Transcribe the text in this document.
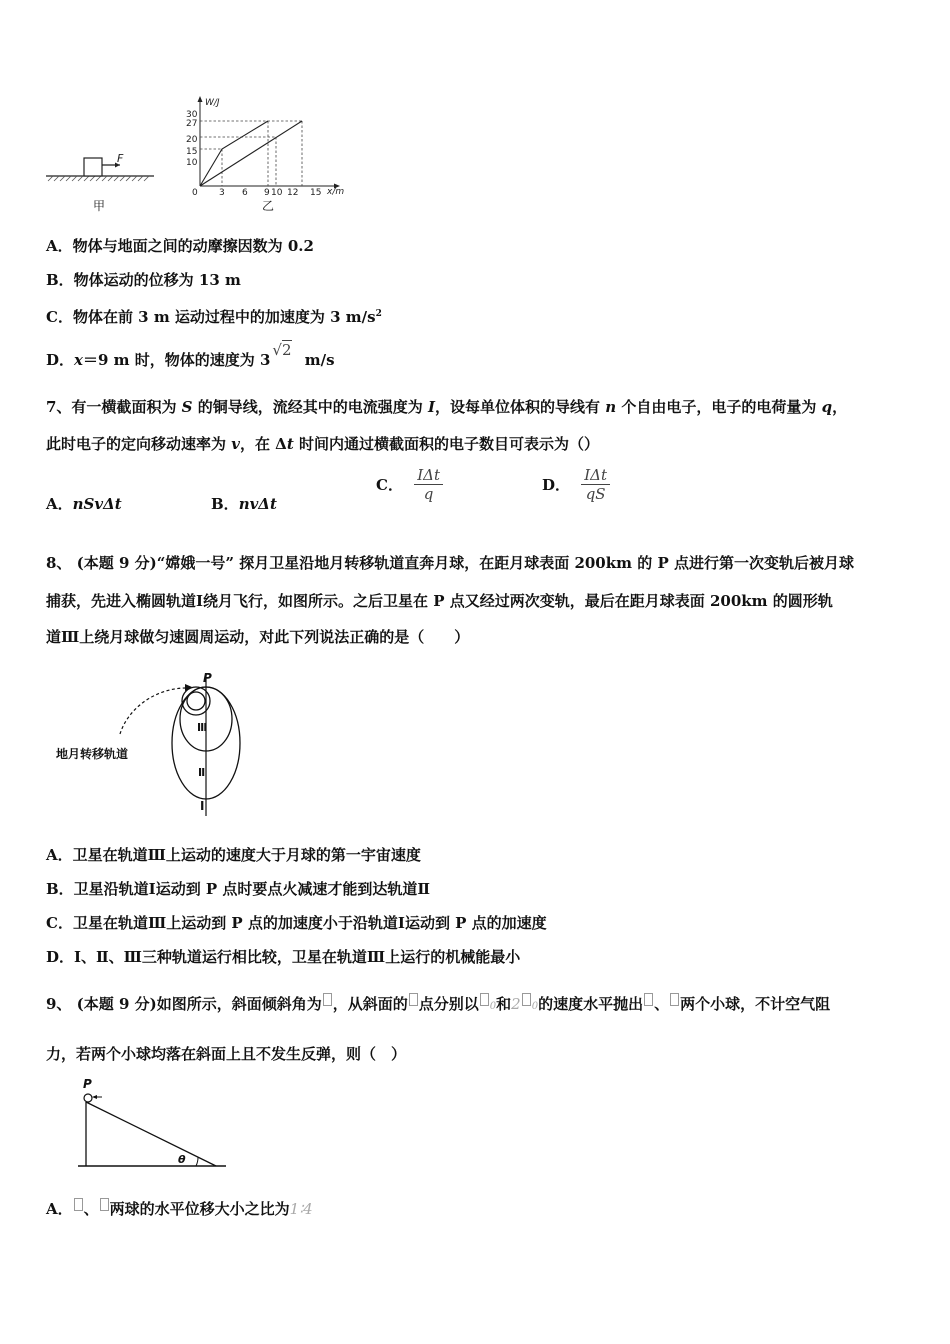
F
甲
W/J
x/m
0
30
27
20
15
10
3 6 9 10 12 15
乙
A．物体与地面之间的动摩擦因数为 0.2
B．物体运动的位移为 13 m
C．物体在前 3 m 运动过程中的加速度为 3 $m/s^2$
D．x＝9 m 时，物体的速度为 3√2 m/s
7、有一横截面积为 S 的铜导线，流经其中的电流强度为 I，设每单位体积的导线有 n 个自由电子，电子的电荷量为 q，
此时电子的定向移动速率为 v，在 Δt 时间内通过横截面积的电子数目可表示为（）
A．nSvΔt	B．nvΔt
C． $\frac{\text{IΔt}}{q}$	D． $\frac{\text{IΔt}}{qS}$
8、 (本题 9 分)“嫦娥一号” 探月卫星沿地月转移轨道直奔月球，在距月球表面 200km 的 P 点进行第一次变轨后被月球
捕获，先进入椭圆轨道Ⅰ绕月飞行，如图所示。之后卫星在 P 点又经过两次变轨，最后在距月球表面 200km 的圆形轨
道Ⅲ上绕月球做匀速圆周运动，对此下列说法正确的是（　　）
P
Ⅲ
Ⅱ
Ⅰ
地月转移轨道
A．卫星在轨道Ⅲ上运动的速度大于月球的第一宇宙速度
B．卫星沿轨道Ⅰ运动到 P 点时要点火减速才能到达轨道Ⅱ
C．卫星在轨道Ⅲ上运动到 P 点的加速度小于沿轨道Ⅰ运动到 P 点的加速度
D．Ⅰ、Ⅱ、Ⅲ三种轨道运行相比较，卫星在轨道Ⅲ上运行的机械能最小
9、 (本题 9 分)如图所示，斜面倾斜角为 ，从斜面的 点分别以 0和2 0的速度水平抛出 、 两个小球，不计空气阻
力，若两个小球均落在斜面上且不发生反弹，则（　）
P
θ
A． 、 两球的水平位移大小之比为1∶4
